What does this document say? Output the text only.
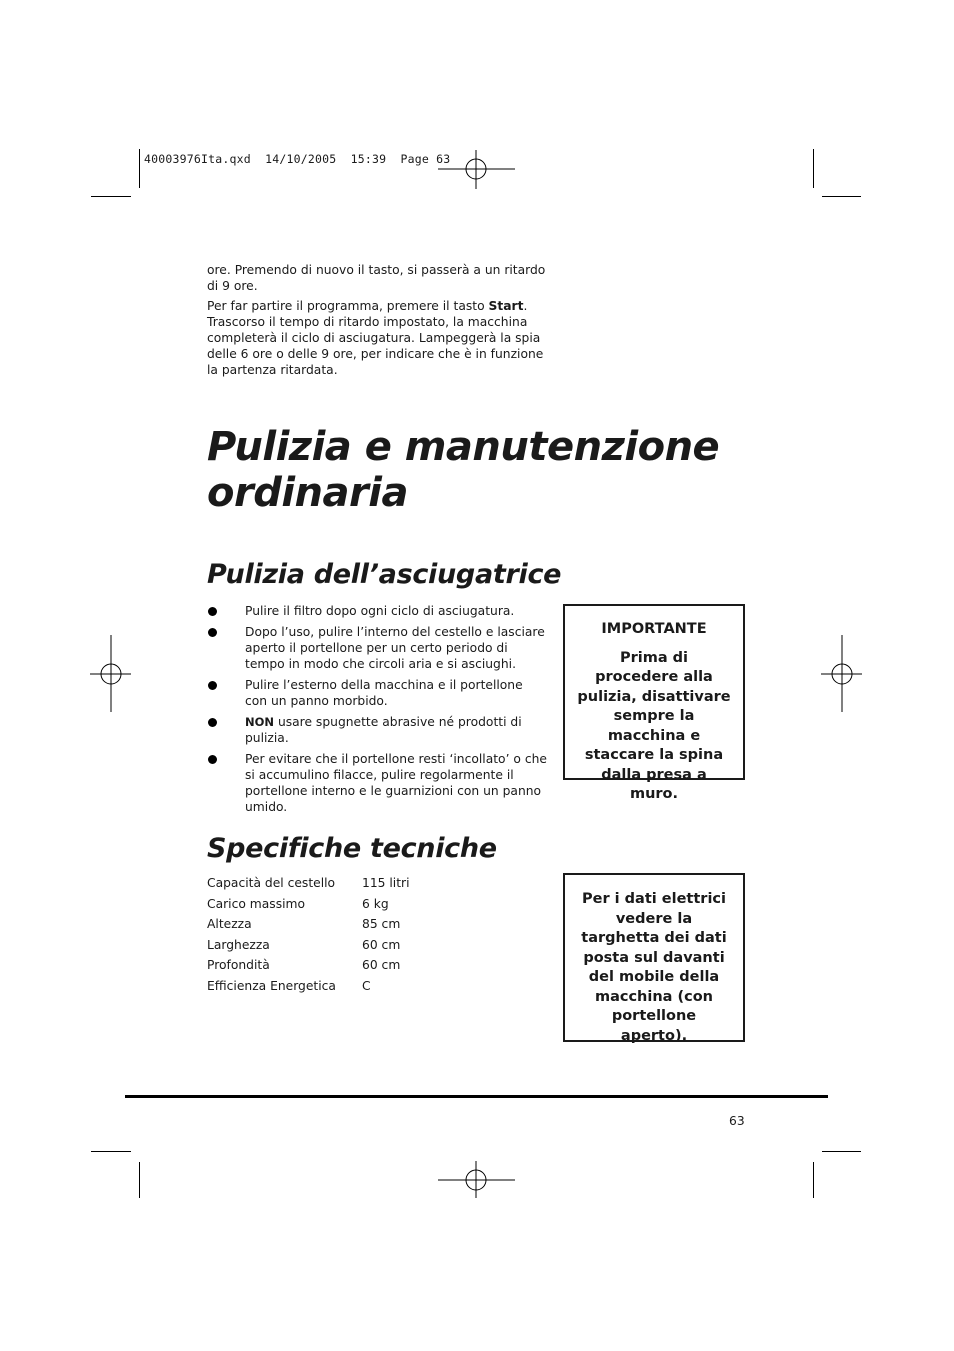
40003976Ita.qxd  14/10/2005  15:39  Page 63

ore. Premendo di nuovo il tasto, si passerà a un ritardo di 9 ore.

Per far partire il programma, premere il tasto Start. Trascorso il tempo di ritardo impostato, la macchina completerà il ciclo di asciugatura. Lampeggerà la spia delle 6 ore o delle 9 ore, per indicare che è in funzione la partenza ritardata.

Pulizia e manutenzione
ordinaria
Pulizia dell’asciugatrice
Pulire il filtro dopo ogni ciclo di asciugatura.
Dopo l’uso, pulire l’interno del cestello e lasciare aperto il portellone per un certo periodo di tempo in modo che circoli aria e si asciughi.
Pulire l’esterno della macchina e il portellone con un panno morbido.
NON usare spugnette abrasive né prodotti di pulizia.
Per evitare che il portellone resti ‘incollato’ o che si accumulino filacce, pulire regolarmente il portellone interno e le guarnizioni con un panno umido.
IMPORTANTE
Prima di procedere alla pulizia, disattivare sempre la macchina e staccare la spina dalla presa a muro.
Specifiche tecniche
Capacità del cestello	115 litri
Carico massimo	6 kg
Altezza	85 cm
Larghezza	60 cm
Profondità	60 cm
Efficienza Energetica	C
Per i dati elettrici vedere la targhetta dei dati posta sul davanti del mobile della macchina (con portellone aperto).
63
